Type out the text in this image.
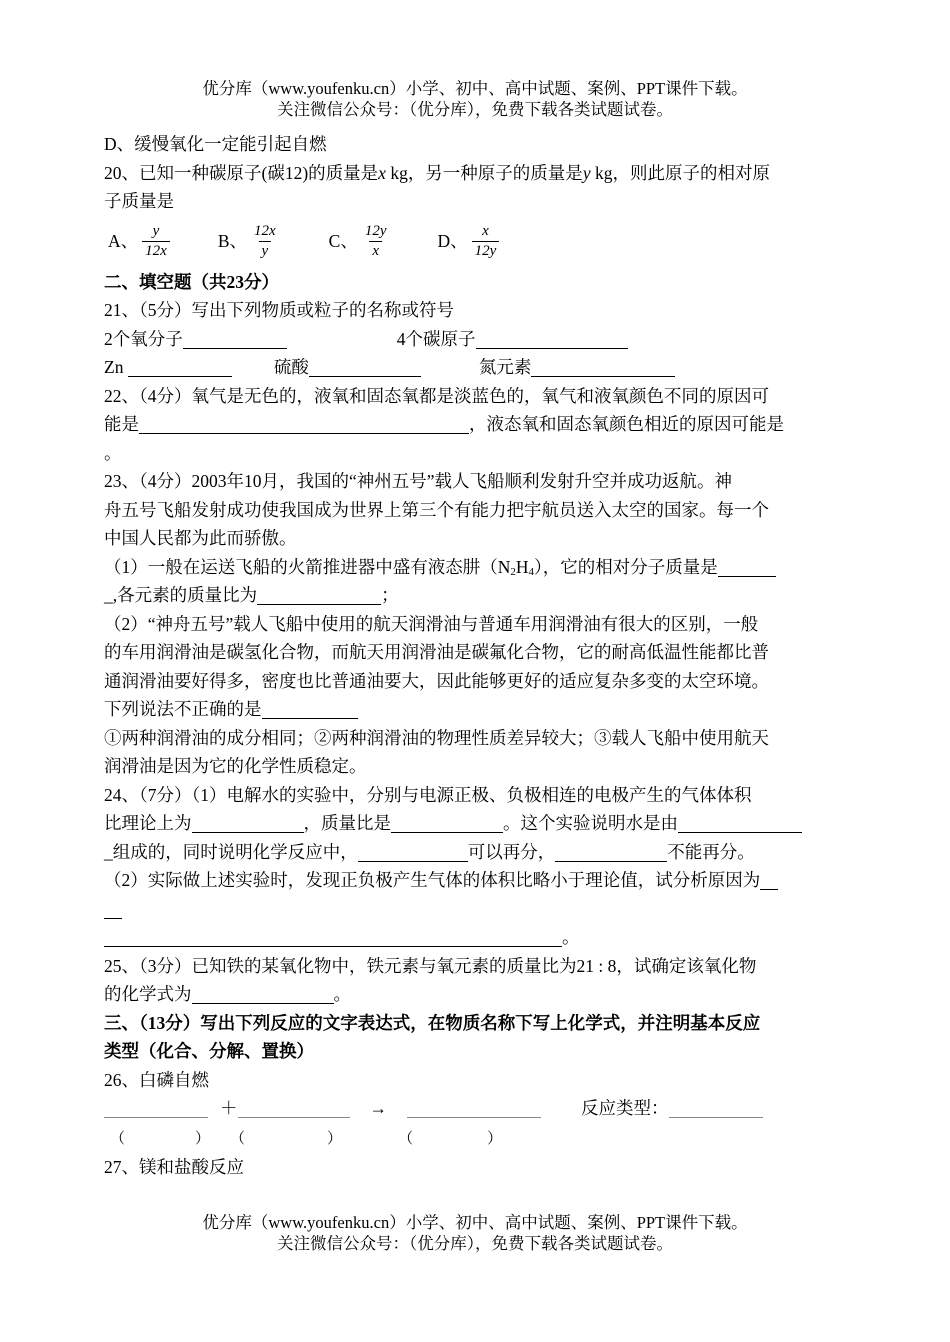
优分库（www.youfenku.cn）小学、初中、高中试题、案例、PPT课件下载。
关注微信公众号：（优分库），免费下载各类试题试卷。
D、缓慢氧化一定能引起自燃
20、已知一种碳原子(碳12)的质量是x kg，另一种原子的质量是y kg，则此原子的相对原
子质量是
A、 $\frac{y}{12x}$	B、 $\frac{12x}{y}$	C、 $\frac{12y}{x}$	D、 $\frac{x}{12y}$
二、填空题（共23分）
21、（5分）写出下列物质或粒子的名称或符号
2个氧分子	4个碳原子
Zn	硫酸	氮元素
22、（4分）氧气是无色的，液氧和固态氧都是淡蓝色的，氧气和液氧颜色不同的原因可
能是	，液态氧和固态氧颜色相近的原因可能是
。
23、（4分）2003年10月，我国的“神州五号”载人飞船顺利发射升空并成功返航。神
舟五号飞船发射成功使我国成为世界上第三个有能力把宇航员送入太空的国家。每一个
中国人民都为此而骄傲。
（1）一般在运送飞船的火箭推进器中盛有液态肼$(N_2H_4)$，它的相对分子质量是
_,各元素的质量比为	；
（2）“神舟五号”载人飞船中使用的航天润滑油与普通车用润滑油有很大的区别，一般
的车用润滑油是碳氢化合物，而航天用润滑油是碳氟化合物，它的耐高低温性能都比普
通润滑油要好得多，密度也比普通油要大，因此能够更好的适应复杂多变的太空环境。
下列说法不正确的是
①两种润滑油的成分相同；②两种润滑油的物理性质差异较大；③载人飞船中使用航天
润滑油是因为它的化学性质稳定。
24、（7分）（1）电解水的实验中，分别与电源正极、负极相连的电极产生的气体体积
比理论上为	，质量比是	。这个实验说明水是由
_组成的，同时说明化学反应中，	可以再分，	不能再分。
（2）实际做上述实验时，发现正负极产生气体的体积比略小于理论值，试分析原因为
。
25、（3分）已知铁的某氧化物中，铁元素与氧元素的质量比为21 : 8，试确定该氧化物
的化学式为	。
三、（13分）写出下列反应的文字表达式，在物质名称下写上化学式，并注明基本反应
类型（化合、分解、置换）
26、白磷自燃
＋	→	反应类型：
（	） （	）	（	）
27、镁和盐酸反应
优分库（www.youfenku.cn）小学、初中、高中试题、案例、PPT课件下载。
关注微信公众号：（优分库），免费下载各类试题试卷。
